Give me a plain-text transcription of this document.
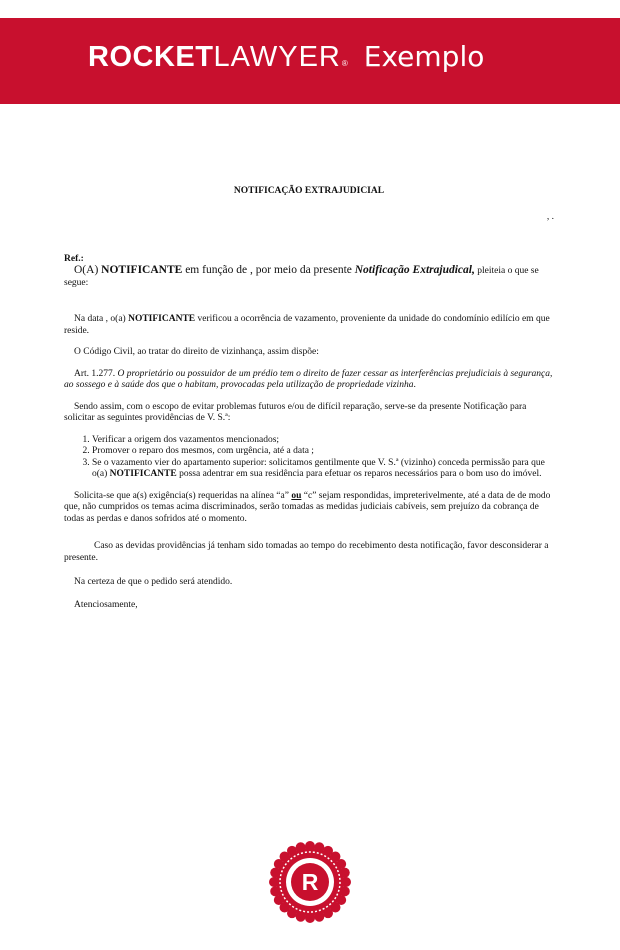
ROCKET LAWYER ® Exemplo

NOTIFICAÇÃO EXTRAJUDICIAL

, .
Ref.:

O(A) NOTIFICANTE em função de , por meio da presente Notificação Extrajudical, pleiteia o que se segue:

Na data , o(a) NOTIFICANTE verificou a ocorrência de vazamento, proveniente da unidade do condomínio edilício em que reside.

O Código Civil, ao tratar do direito de vizinhança, assim dispõe:

Art. 1.277. O proprietário ou possuidor de um prédio tem o direito de fazer cessar as interferências prejudiciais à segurança, ao sossego e à saúde dos que o habitam, provocadas pela utilização de propriedade vizinha.

Sendo assim, com o escopo de evitar problemas futuros e/ou de difícil reparação, serve-se da presente Notificação para solicitar as seguintes providências de V. S.ª:

1. Verificar a origem dos vazamentos mencionados;
2. Promover o reparo dos mesmos, com urgência, até a data ;
3. Se o vazamento vier do apartamento superior: solicitamos gentilmente que V. S.ª (vizinho) conceda permissão para que o(a) NOTIFICANTE possa adentrar em sua residência para efetuar os reparos necessários para o bom uso do imóvel.

Solicita-se que a(s) exigência(s) requeridas na alínea “a” ou “c” sejam respondidas, impreterivelmente, até a data de de modo que, não cumpridos os temas acima discriminados, serão tomadas as medidas judiciais cabíveis, sem prejuízo da cobrança de todas as perdas e danos sofridos até o momento.

Caso as devidas providências já tenham sido tomadas ao tempo do recebimento desta notificação, favor desconsiderar a presente.

Na certeza de que o pedido será atendido.

Atenciosamente,

R
